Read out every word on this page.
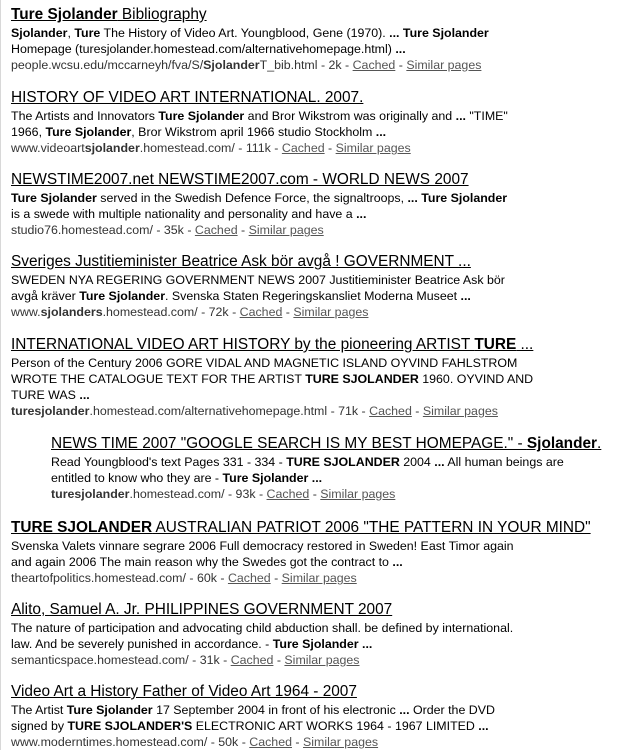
Ture Sjolander Bibliography
Sjolander, Ture The History of Video Art. Youngblood, Gene (1970). ... Ture Sjolander
Homepage (turesjolander.homestead.com/alternativehomepage.html) ...
people.wcsu.edu/mccarneyh/fva/S/SjolanderT_bib.html - 2k - Cached - Similar pages
HISTORY OF VIDEO ART INTERNATIONAL. 2007.
The Artists and Innovators Ture Sjolander and Bror Wikstrom was originally and ... "TIME"
1966, Ture Sjolander, Bror Wikstrom april 1966 studio Stockholm ...
www.videoartsjolander.homestead.com/ - 111k - Cached - Similar pages
NEWSTIME2007.net NEWSTIME2007.com - WORLD NEWS 2007
Ture Sjolander served in the Swedish Defence Force, the signaltroops, ... Ture Sjolander
is a swede with multiple nationality and personality and have a ...
studio76.homestead.com/ - 35k - Cached - Similar pages
Sveriges Justitieminister Beatrice Ask bör avgå ! GOVERNMENT ...
SWEDEN NYA REGERING GOVERNMENT NEWS 2007 Justitieminister Beatrice Ask bör
avgå kräver Ture Sjolander. Svenska Staten Regeringskansliet Moderna Museet ...
www.sjolanders.homestead.com/ - 72k - Cached - Similar pages
INTERNATIONAL VIDEO ART HISTORY by the pioneering ARTIST TURE ...
Person of the Century 2006 GORE VIDAL AND MAGNETIC ISLAND OYVIND FAHLSTROM
WROTE THE CATALOGUE TEXT FOR THE ARTIST TURE SJOLANDER 1960. OYVIND AND
TURE WAS ...
turesjolander.homestead.com/alternativehomepage.html - 71k - Cached - Similar pages
NEWS TIME 2007 "GOOGLE SEARCH IS MY BEST HOMEPAGE." - Sjolander.
Read Youngblood's text Pages 331 - 334 - TURE SJOLANDER 2004 ... All human beings are
entitled to know who they are - Ture Sjolander ...
turesjolander.homestead.com/ - 93k - Cached - Similar pages
TURE SJOLANDER AUSTRALIAN PATRIOT 2006 "THE PATTERN IN YOUR MIND"
Svenska Valets vinnare segrare 2006 Full democracy restored in Sweden! East Timor again
and again 2006 The main reason why the Swedes got the contract to ...
theartofpolitics.homestead.com/ - 60k - Cached - Similar pages
Alito, Samuel A. Jr. PHILIPPINES GOVERNMENT 2007
The nature of participation and advocating child abduction shall. be defined by international.
law. And be severely punished in accordance. - Ture Sjolander ...
semanticspace.homestead.com/ - 31k - Cached - Similar pages
Video Art a History Father of Video Art 1964 - 2007
The Artist Ture Sjolander 17 September 2004 in front of his electronic ... Order the DVD
signed by TURE SJOLANDER'S ELECTRONIC ART WORKS 1964 - 1967 LIMITED ...
www.moderntimes.homestead.com/ - 50k - Cached - Similar pages
